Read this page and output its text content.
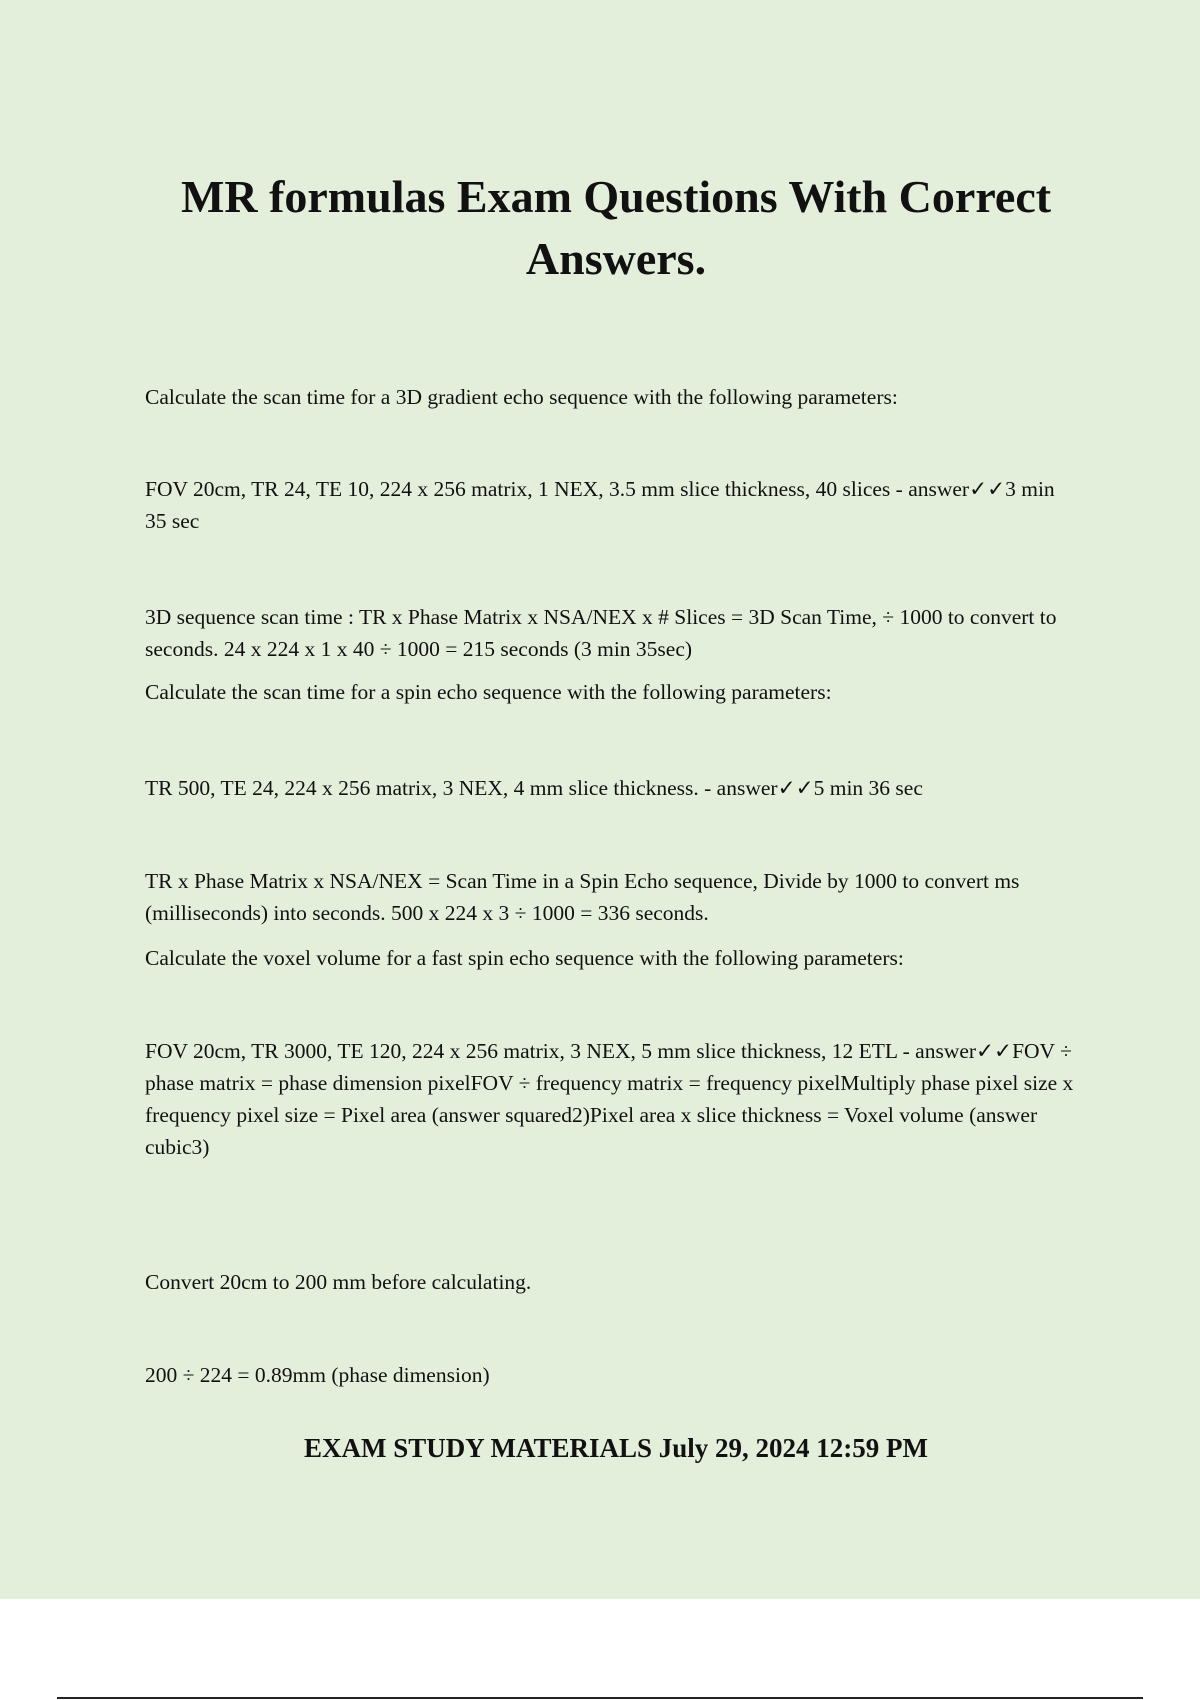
MR formulas Exam Questions With Correct Answers.

Calculate the scan time for a 3D gradient echo sequence with the following parameters:

FOV 20cm, TR 24, TE 10, 224 x 256 matrix, 1 NEX, 3.5 mm slice thickness, 40 slices - answer✓✓3 min 35 sec

3D sequence scan time : TR x Phase Matrix x NSA/NEX x # Slices = 3D Scan Time, ÷ 1000 to convert to seconds. 24 x 224 x 1 x 40 ÷ 1000 = 215 seconds (3 min 35sec)

Calculate the scan time for a spin echo sequence with the following parameters:

TR 500, TE 24, 224 x 256 matrix, 3 NEX, 4 mm slice thickness. - answer✓✓5 min 36 sec

TR x Phase Matrix x NSA/NEX = Scan Time in a Spin Echo sequence, Divide by 1000 to convert ms (milliseconds) into seconds. 500 x 224 x 3 ÷ 1000 = 336 seconds.

Calculate the voxel volume for a fast spin echo sequence with the following parameters:

FOV 20cm, TR 3000, TE 120, 224 x 256 matrix, 3 NEX, 5 mm slice thickness, 12 ETL - answer✓✓FOV ÷ phase matrix = phase dimension pixelFOV ÷ frequency matrix = frequency pixelMultiply phase pixel size x frequency pixel size = Pixel area (answer squared2)Pixel area x slice thickness = Voxel volume (answer cubic3)

Convert 20cm to 200 mm before calculating.

200 ÷ 224 = 0.89mm (phase dimension)

EXAM STUDY MATERIALS July 29, 2024 12:59 PM
